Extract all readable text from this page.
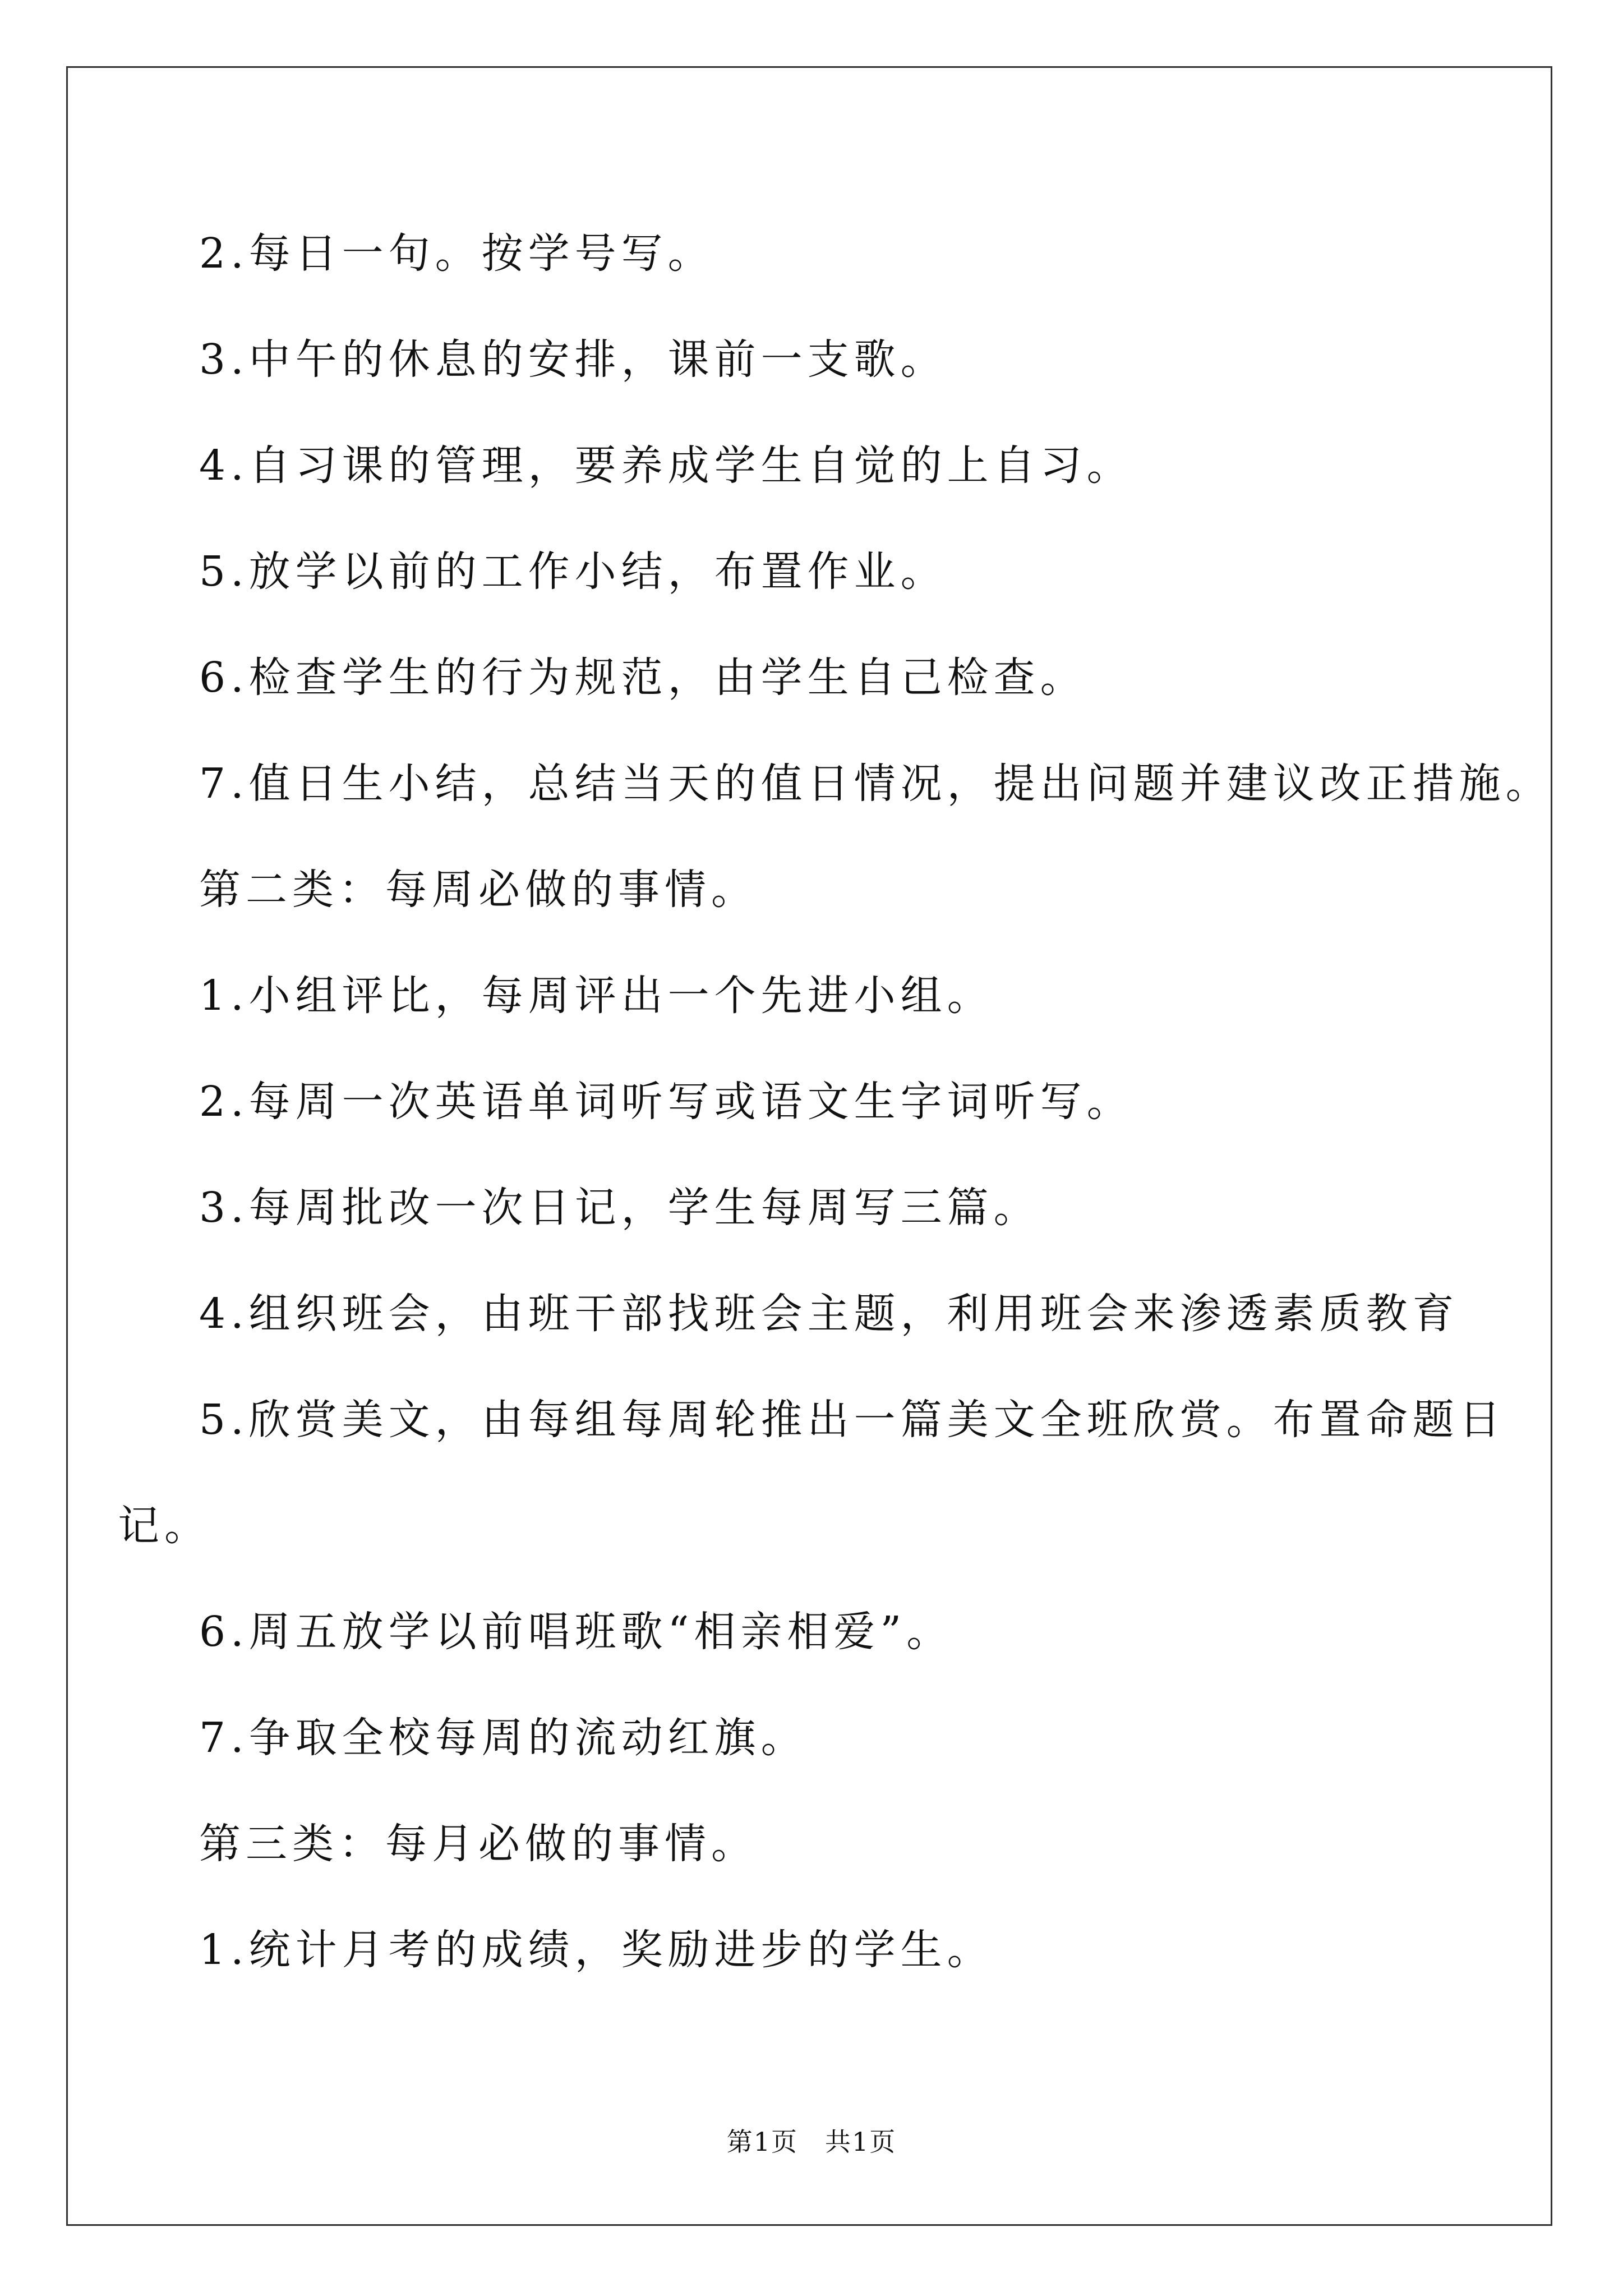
2.每日一句。按学号写。
3.中午的休息的安排，课前一支歌。
4.自习课的管理，要养成学生自觉的上自习。
5.放学以前的工作小结，布置作业。
6.检查学生的行为规范，由学生自己检查。
7.值日生小结，总结当天的值日情况，提出问题并建议改正措施。
第二类：每周必做的事情。
1.小组评比，每周评出一个先进小组。
2.每周一次英语单词听写或语文生字词听写。
3.每周批改一次日记，学生每周写三篇。
4.组织班会，由班干部找班会主题，利用班会来渗透素质教育
5.欣赏美文，由每组每周轮推出一篇美文全班欣赏。布置命题日
记。
6.周五放学以前唱班歌“相亲相爱”。
7.争取全校每周的流动红旗。
第三类：每月必做的事情。
1.统计月考的成绩，奖励进步的学生。
第1页　共1页
